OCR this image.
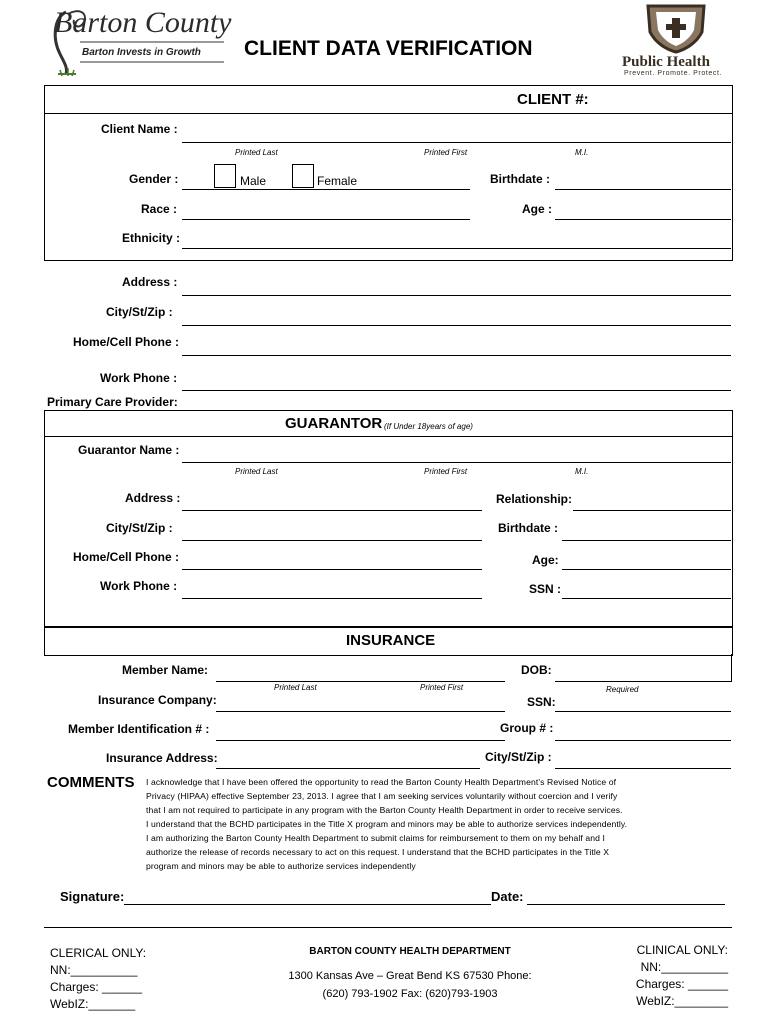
Barton County
Barton Invests in Growth CLIENT DATA VERIFICATION
Public Health
Prevent. Promote. Protect.
CLIENT #:
Client Name :
Printed Last	Printed First	M.I.
Gender :	Male	Female	Birthdate :
Race :	Age :
Ethnicity :
Address :
City/St/Zip :
Home/Cell Phone :
Work Phone :
Primary Care Provider:
GUARANTOR (If Under 18years of age)
Guarantor Name :
Printed Last	Printed First	M.I.
Address :	Relationship:
City/St/Zip :	Birthdate :
Home/Cell Phone :	Age:
Work Phone :	SSN :
INSURANCE
Member Name:	DOB:
Printed Last	Printed First	Required
Insurance Company:	SSN:
Member Identification # :	Group # :
Insurance Address:	City/St/Zip :
COMMENTS I acknowledge that I have been offered the opportunity to read the Barton County Health Department’s Revised Notice of
Privacy (HIPAA) effective September 23, 2013. I agree that I am seeking services voluntarily without coercion and I verify
that I am not required to participate in any program with the Barton County Health Department in order to receive services.
I understand that the BCHD participates in the Title X program and minors may be able to authorize services independently.
I am authorizing the Barton County Health Department to submit claims for reimbursement to them on my behalf and I
authorize the release of records necessary to act on this request. I understand that the BCHD participates in the Title X
program and minors may be able to authorize services independently
Signature:	Date:
CLERICAL ONLY:
NN:__________
Charges: ______
WebIZ:_______
BARTON COUNTY HEALTH DEPARTMENT
1300 Kansas Ave – Great Bend KS 67530 Phone:
(620) 793-1902 Fax: (620)793-1903
CLINICAL ONLY:
NN:__________
Charges: ______
WebIZ:________
